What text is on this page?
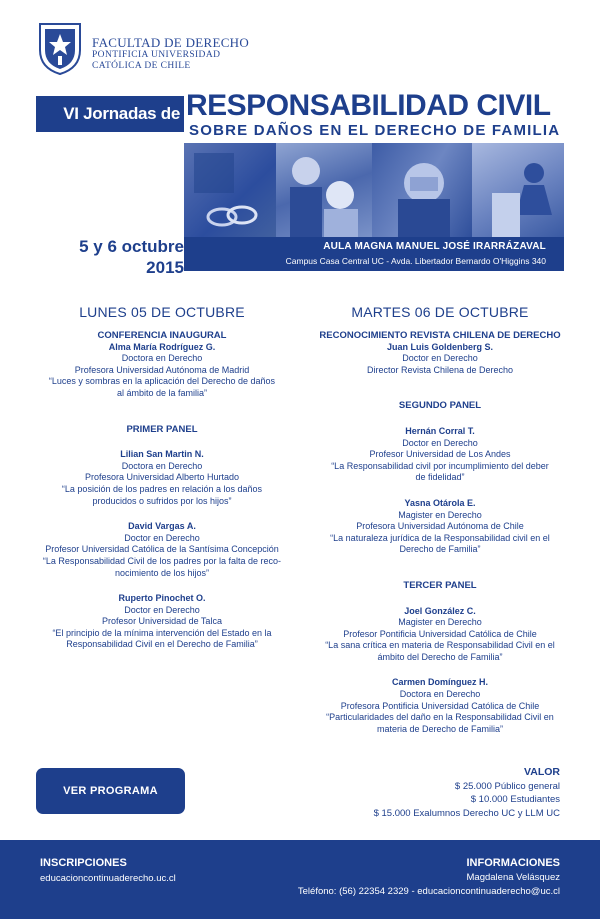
FACULTAD DE DERECHO
PONTIFICIA UNIVERSIDAD
CATÓLICA DE CHILE
VI Jornadas de RESPONSABILIDAD CIVIL
SOBRE DAÑOS EN EL DERECHO DE FAMILIA
5 y 6 octubre
2015
AULA MAGNA MANUEL JOSÉ IRARRÁZAVAL
Campus Casa Central UC - Avda. Libertador Bernardo O'Higgins 340
LUNES 05 DE OCTUBRE
CONFERENCIA INAUGURAL
Alma María Rodríguez G.
Doctora en Derecho
Profesora Universidad Autónoma de Madrid
“Luces y sombras en la aplicación del Derecho de daños
al ámbito de la familia”
PRIMER PANEL
Lilian San Martin N.
Doctora en Derecho
Profesora Universidad Alberto Hurtado
“La posición de los padres en relación a los daños
producidos o sufridos por los hijos”
David Vargas A.
Doctor en Derecho
Profesor Universidad Católica de la Santísima Concepción
“La Responsabilidad Civil de los padres por la falta de reco-
nocimiento de los hijos”
Ruperto Pinochet O.
Doctor en Derecho
Profesor Universidad de Talca
“El principio de la mínima intervención del Estado en la
Responsabilidad Civil en el Derecho de Familia”
MARTES 06 DE OCTUBRE
RECONOCIMIENTO REVISTA CHILENA DE DERECHO
Juan Luis Goldenberg S.
Doctor en Derecho
Director Revista Chilena de Derecho
SEGUNDO PANEL
Hernán Corral T.
Doctor en Derecho
Profesor Universidad de Los Andes
“La Responsabilidad civil por incumplimiento del deber
de fidelidad”
Yasna Otárola E.
Magister en Derecho
Profesora Universidad Autónoma de Chile
“La naturaleza jurídica de la Responsabilidad civil en el
Derecho de Familia”
TERCER PANEL
Joel González C.
Magister en Derecho
Profesor Pontificia Universidad Católica de Chile
“La sana crítica en materia de Responsabilidad Civil en el
ámbito del Derecho de Familia”
Carmen Domínguez H.
Doctora en Derecho
Profesora Pontificia Universidad Católica de Chile
“Particularidades del daño en la Responsabilidad Civil en
materia de Derecho de Familia”
VER PROGRAMA
VALOR
$ 25.000 Público general
$ 10.000 Estudiantes
$ 15.000 Exalumnos Derecho UC y LLM UC
INSCRIPCIONES
educacioncontinuaderecho.uc.cl
INFORMACIONES
Magdalena Velásquez
Teléfono: (56) 22354 2329 - educacioncontinuaderecho@uc.cl
